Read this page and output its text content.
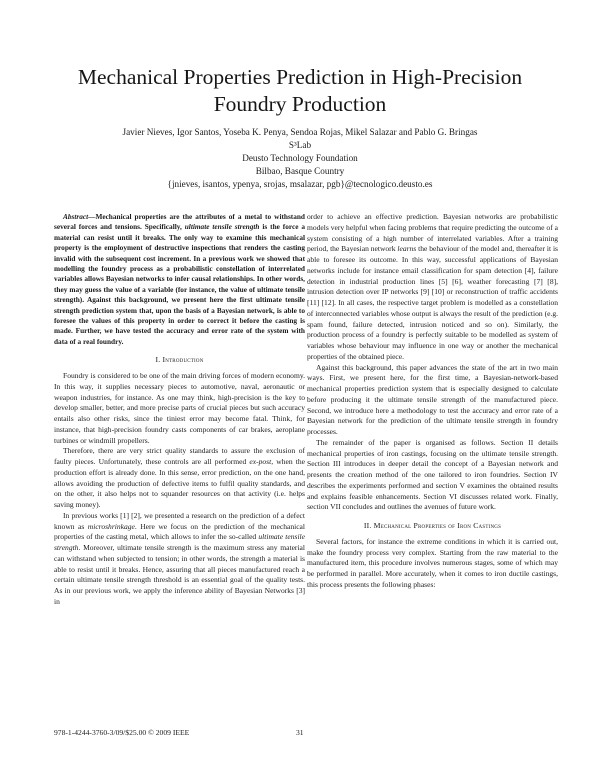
Mechanical Properties Prediction in High-Precision
Foundry Production
Javier Nieves, Igor Santos, Yoseba K. Penya, Sendoa Rojas, Mikel Salazar and Pablo G. Bringas
S³Lab
Deusto Technology Foundation
Bilbao, Basque Country
{jnieves, isantos, ypenya, srojas, msalazar, pgb}@tecnologico.deusto.es

Abstract—Mechanical properties are the attributes of a metal to withstand several forces and tensions. Specifically, ultimate tensile strength is the force a material can resist until it breaks. The only way to examine this mechanical property is the employment of destructive inspections that renders the casting invalid with the subsequent cost increment. In a previous work we showed that modelling the foundry process as a probabilistic constellation of interrelated variables allows Bayesian networks to infer causal relationships. In other words, they may guess the value of a variable (for instance, the value of ultimate tensile strength). Against this background, we present here the first ultimate tensile strength prediction system that, upon the basis of a Bayesian network, is able to foresee the values of this property in order to correct it before the casting is made. Further, we have tested the accuracy and error rate of the system with data of a real foundry.

I. Introduction

Foundry is considered to be one of the main driving forces of modern economy. In this way, it supplies necessary pieces to automotive, naval, aeronautic or weapon industries, for instance. As one may think, high-precision is the key to develop smaller, better, and more precise parts of crucial pieces but such accuracy entails also other risks, since the tiniest error may become fatal. Think, for instance, that high-precision foundry casts components of car brakes, aeroplane turbines or windmill propellers.

Therefore, there are very strict quality standards to assure the exclusion of faulty pieces. Unfortunately, these controls are all performed ex-post, when the production effort is already done. In this sense, error prediction, on the one hand, allows avoiding the production of defective items to fulfil quality standards, and on the other, it also helps not to squander resources on that activity (i.e. helps saving money).

In previous works [1] [2], we presented a research on the prediction of a defect known as microshrinkage. Here we focus on the prediction of the mechanical properties of the casting metal, which allows to infer the so-called ultimate tensile strength. Moreover, ultimate tensile strength is the maximum stress any material can withstand when subjected to tension; in other words, the strength a material is able to resist until it breaks. Hence, assuring that all pieces manufactured reach a certain ultimate tensile strength threshold is an essential goal of the quality tests. As in our previous work, we apply the inference ability of Bayesian Networks [3] in

order to achieve an effective prediction. Bayesian networks are probabilistic models very helpful when facing problems that require predicting the outcome of a system consisting of a high number of interrelated variables. After a training period, the Bayesian network learns the behaviour of the model and, thereafter it is able to foresee its outcome. In this way, successful applications of Bayesian networks include for instance email classification for spam detection [4], failure detection in industrial production lines [5] [6], weather forecasting [7] [8], intrusion detection over IP networks [9] [10] or reconstruction of traffic accidents [11] [12]. In all cases, the respective target problem is modelled as a constellation of interconnected variables whose output is always the result of the prediction (e.g. spam found, failure detected, intrusion noticed and so on). Similarly, the production process of a foundry is perfectly suitable to be modelled as system of variables whose behaviour may influence in one way or another the mechanical properties of the obtained piece.

Against this background, this paper advances the state of the art in two main ways. First, we present here, for the first time, a Bayesian-network-based mechanical properties prediction system that is especially designed to calculate before producing it the ultimate tensile strength of the manufactured piece. Second, we introduce here a methodology to test the accuracy and error rate of a Bayesian network for the prediction of the ultimate tensile strength in foundry processes.

The remainder of the paper is organised as follows. Section II details mechanical properties of iron castings, focusing on the ultimate tensile strength. Section III introduces in deeper detail the concept of a Bayesian network and presents the creation method of the one tailored to iron foundries. Section IV describes the experiments performed and section V examines the obtained results and explains feasible enhancements. Section VI discusses related work. Finally, section VII concludes and outlines the avenues of future work.

II. Mechanical Properties of Iron Castings

Several factors, for instance the extreme conditions in which it is carried out, make the foundry process very complex. Starting from the raw material to the manufactured item, this procedure involves numerous stages, some of which may be performed in parallel. More accurately, when it comes to iron ductile castings, this process presents the following phases:

978-1-4244-3760-3/09/$25.00 © 2009 IEEE	31
